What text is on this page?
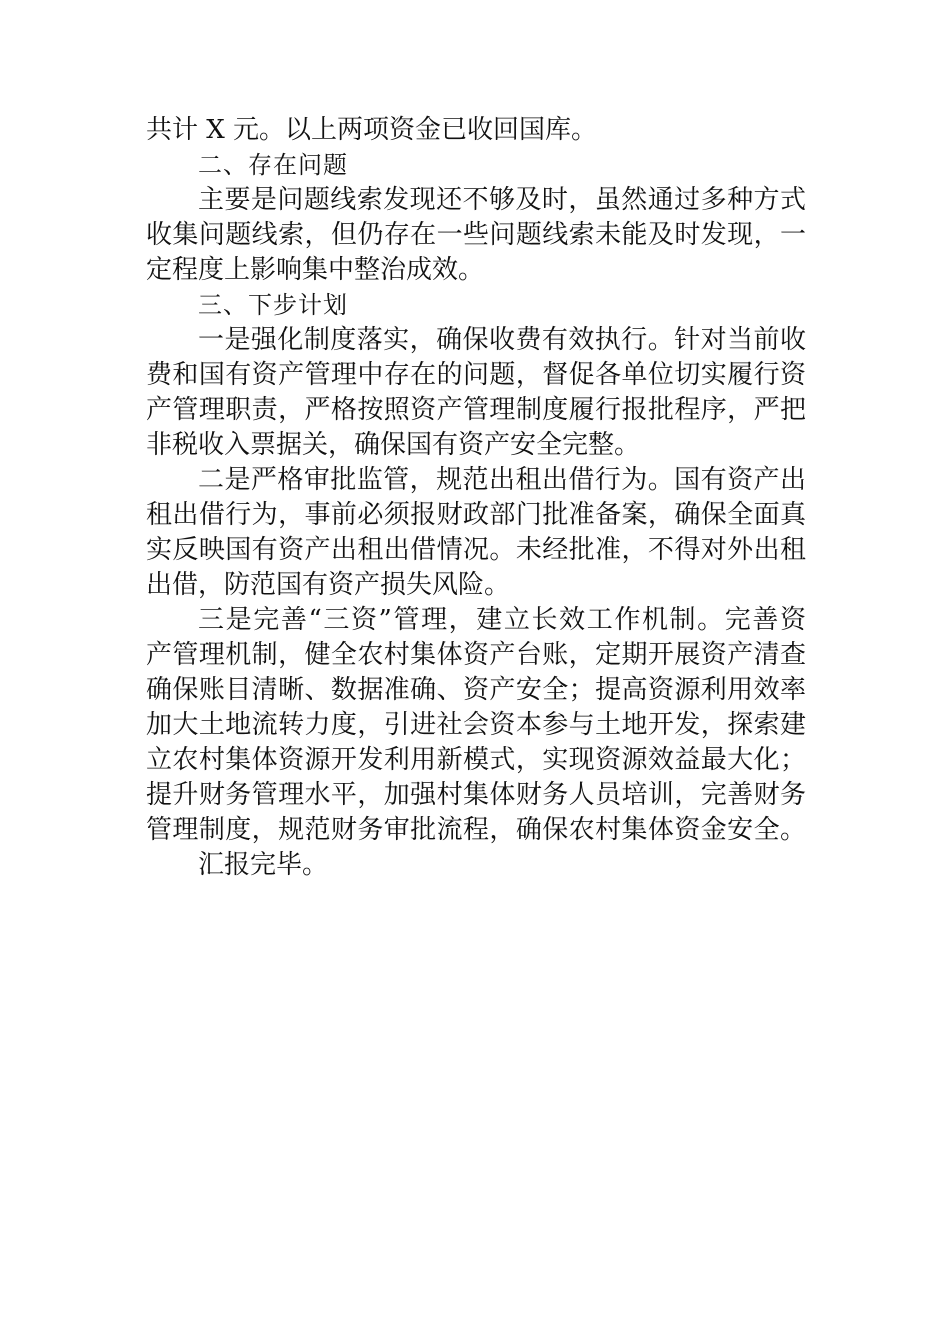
共计 X 元。以上两项资金已收回国库。
二、存在问题
主要是问题线索发现还不够及时，虽然通过多种方式
收集问题线索，但仍存在一些问题线索未能及时发现，一
定程度上影响集中整治成效。
三、下步计划
一是强化制度落实，确保收费有效执行。针对当前收
费和国有资产管理中存在的问题，督促各单位切实履行资
产管理职责，严格按照资产管理制度履行报批程序，严把
非税收入票据关，确保国有资产安全完整。
二是严格审批监管，规范出租出借行为。国有资产出
租出借行为，事前必须报财政部门批准备案，确保全面真
实反映国有资产出租出借情况。未经批准，不得对外出租
出借，防范国有资产损失风险。
三是完善“三资”管理，建立长效工作机制。完善资
产管理机制，健全农村集体资产台账，定期开展资产清查
确保账目清晰、数据准确、资产安全；提高资源利用效率
加大土地流转力度，引进社会资本参与土地开发，探索建
立农村集体资源开发利用新模式，实现资源效益最大化；
提升财务管理水平，加强村集体财务人员培训，完善财务
管理制度，规范财务审批流程，确保农村集体资金安全。
汇报完毕。
